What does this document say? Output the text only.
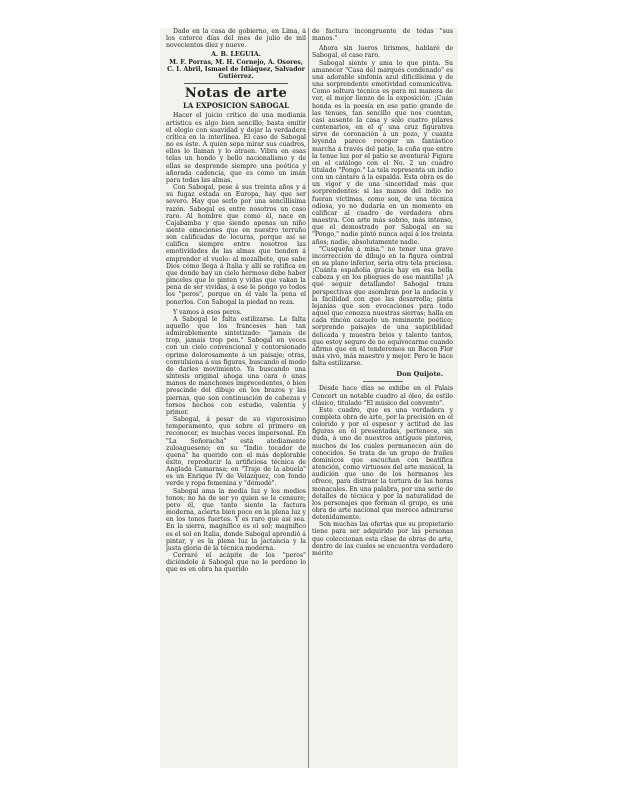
Dado en la casa de gobierno, en Lima, á los catorce días del mes de julio de mil novecientos diez y nueve.

A. B. LEGUIA.

M. F. Porras, M. H. Cornejo, A. Osores, C. I. Abril, Ismael de Idiáquez, Salvador Gutiérrez.

Notas de arte
LA EXPOSICION SABOGAL

Hacer el juicio crítico de una mediania artística es algo bien sencillo; basta emitir el elogio con suavidad y dejar la verdadera crítica en la interlínea. El caso de Sabogal no es éste. A quien sepa mirar sus cuadros, ellos lo llaman y lo atraen. Vibra en esas telas un hondo y bello nacionalismo y de ellas se desprende siempre una poética y añorada cadencia, que es como un imán para todas las almas.

Con Sabogal, pese á sus treinta años y á su fugaz estada en Europa, hay que ser severo. Hay que serlo por una sencillísima razón. Sabogal es entre nosotros un caso raro. Al hombre que como él, nace en Cajabamba y que siendo apenas un niño siente emociones que en nuestro terruño son calificadas de locuras, porque así se califica siempre entre nosotros las emotividades de las almas que tienden á emprender el vuelo: al mozalbete, que sabe Dios cómo llega á Italia y allí se ratifica en que donde hay un cielo hermoso debe haber pinceles que lo pinten y vidas que vakan la pena de ser vividas, á ese le pongo yo todos los "peros", porque en él vale la pena el ponerlos. Con Sabogal la piedad no reza.

Y vamos á esos peros.

A Sabogal le falta estilizarse. Le falta aquello que los franceses han tan admirablemente sintetizado: "jamais de trop, jamais trop peu." Sabogal en veces con un cielo convencional y contorsionado oprime dolorosamente á un paisaje; otras, convulsiona á sus figuras, buscando el modo de darles movimiento. Ya buscando una síntesis original ahoga una cara ó unas manos de manchones imprecedentes, ó bien prescinde del dibujo en los brazos y las piernas, que son continuación de cabezas y torsos hechos con estudio, valentía y primor.

Sabogal, á pesar de su vigorosísimo temperamento, que sobre el primero en reconocer, es muchas veces impersonal. En "La Señoracha" está atediamente zuloagueseno; en su "Indio tocador de quena" ha querido con el más deplorable éxito, reproducir la artificiosa técnica de Anglada Camarasa; en "Traje de la abuela" es un Enrique IV de Velázquez, con fondo verde y ropa femenina y "démodé".

Sabogal ama la media luz y los medios tonos; no ha de ser yo quien se le censure; pero él, que tanto siente la factura moderna, acierta bien poco en la plena luz y en los tonos fuertes. Y es raro que así sea. En la sierra, magnífico es el sol; magnífico es el sol en Italia, donde Sabogal aprendió á pintar, y es la plena luz la jactancia y la justa gloria de la técnica moderna.

Cerraré el acápite de los "peros" diciéndole á Sabogal que no le perdono lo que es en obra ha querido

de factura incongruente de todas "sus manos."

Ahora sin lueros lirismos, hablaré de Sabogal, el caso raro.

Sabogal siente y ama lo que pinta. Su amanecer "Casa del marqués condenado" es una adorable sinfonía azul dificilísima y de una sorprendente emotividad comunicativa. Como soltura técnica es para mi manera de ver, el mejor lienzo de la exposición. ¡Cuán honda es la poesía en ese patio grande de las tenues, tan sencillo que nos cuentan, casi ausente la casa y solo cuatro pilares centenarios, en el q' una cruz figurativa sirve de coronación á un pozo, y cuanta leyenda parece recoger un fantástico marcha á través del patio, la cuña que entre la tenue luz por el patio se aventura! Figura en el catálogo con el No. 2 un cuadro titulado "Pongo." La tela representa un indio con un cántaro á la espalda. Esta obra es de un vigor y de una sinceridad más que sorprendentes: si las manos del indio no fueran víctimas, como son, de una técnica odiosa, yo no dudaría en un momento en calificar al cuadro de verdadera obra maestra. Con arte más sobrio, más intenso, que el demostrado por Sabogal en su "Pongo," nadie pintó nunca aquí á los treinta años; nadie, absolutamente nadie.

"Cusqueña á misa." no tener una grave incorrección de dibujo en la figura central en su plano inferior, sería otra tela preciosa. ¡Cuánta españolía gracia hay en esa bella cabeza y en los pliegues de ese mantilla! ¡A qué seguir detallando! Sabogal traza perspectivas que asombran por la audacia y la facilidad con que las desarrolla; pinta lejanías que son evocaciones para todo aquel que conozca nuestras sierras; halla en cada rincón cazuelo un reminente poético; sorprende paisajes de una sapiciblidad delicada y muestra brios y talento tantos, que estoy seguro de no equivocarme cuando afirmo que en el tenderemos un Bacon Flor más vivo, más maestro y mejor. Pero le hace falta estilizarse.

Don Quijote.

Desde hace días se exhibe en el Palais Concert un notable cuadro al óleo, de estilo clásico, titulado "El músico del convento".

Este cuadro, que es una verdadera y completa obra de arte, por la precisión en el colorido y por el espesor y actitud de las figuras en él presentadas, pertenece, sin duda, á uno de nuestros antiguos pintores, muchos de los cuales permanecen aún de conocidos. Se trata de un grupo de frailes dominicos que escuchan con beatífica atención, como virtuosos del arte musical, la audición que uno de los hermanos les ofrece, para distraer la tortura de las horas monacales. En una palabra, por una serie de detalles de técnica y por la naturalidad de los personajes que forman el grupo, es una obra de arte nacional que merece admirarse detenidamente.

Son muchas las ofertas que su propietario tiene para ser adquirido por las personas que coleccionan esta clase de obras de arte, dentro de las cuales se encuentra verdadero mérito
